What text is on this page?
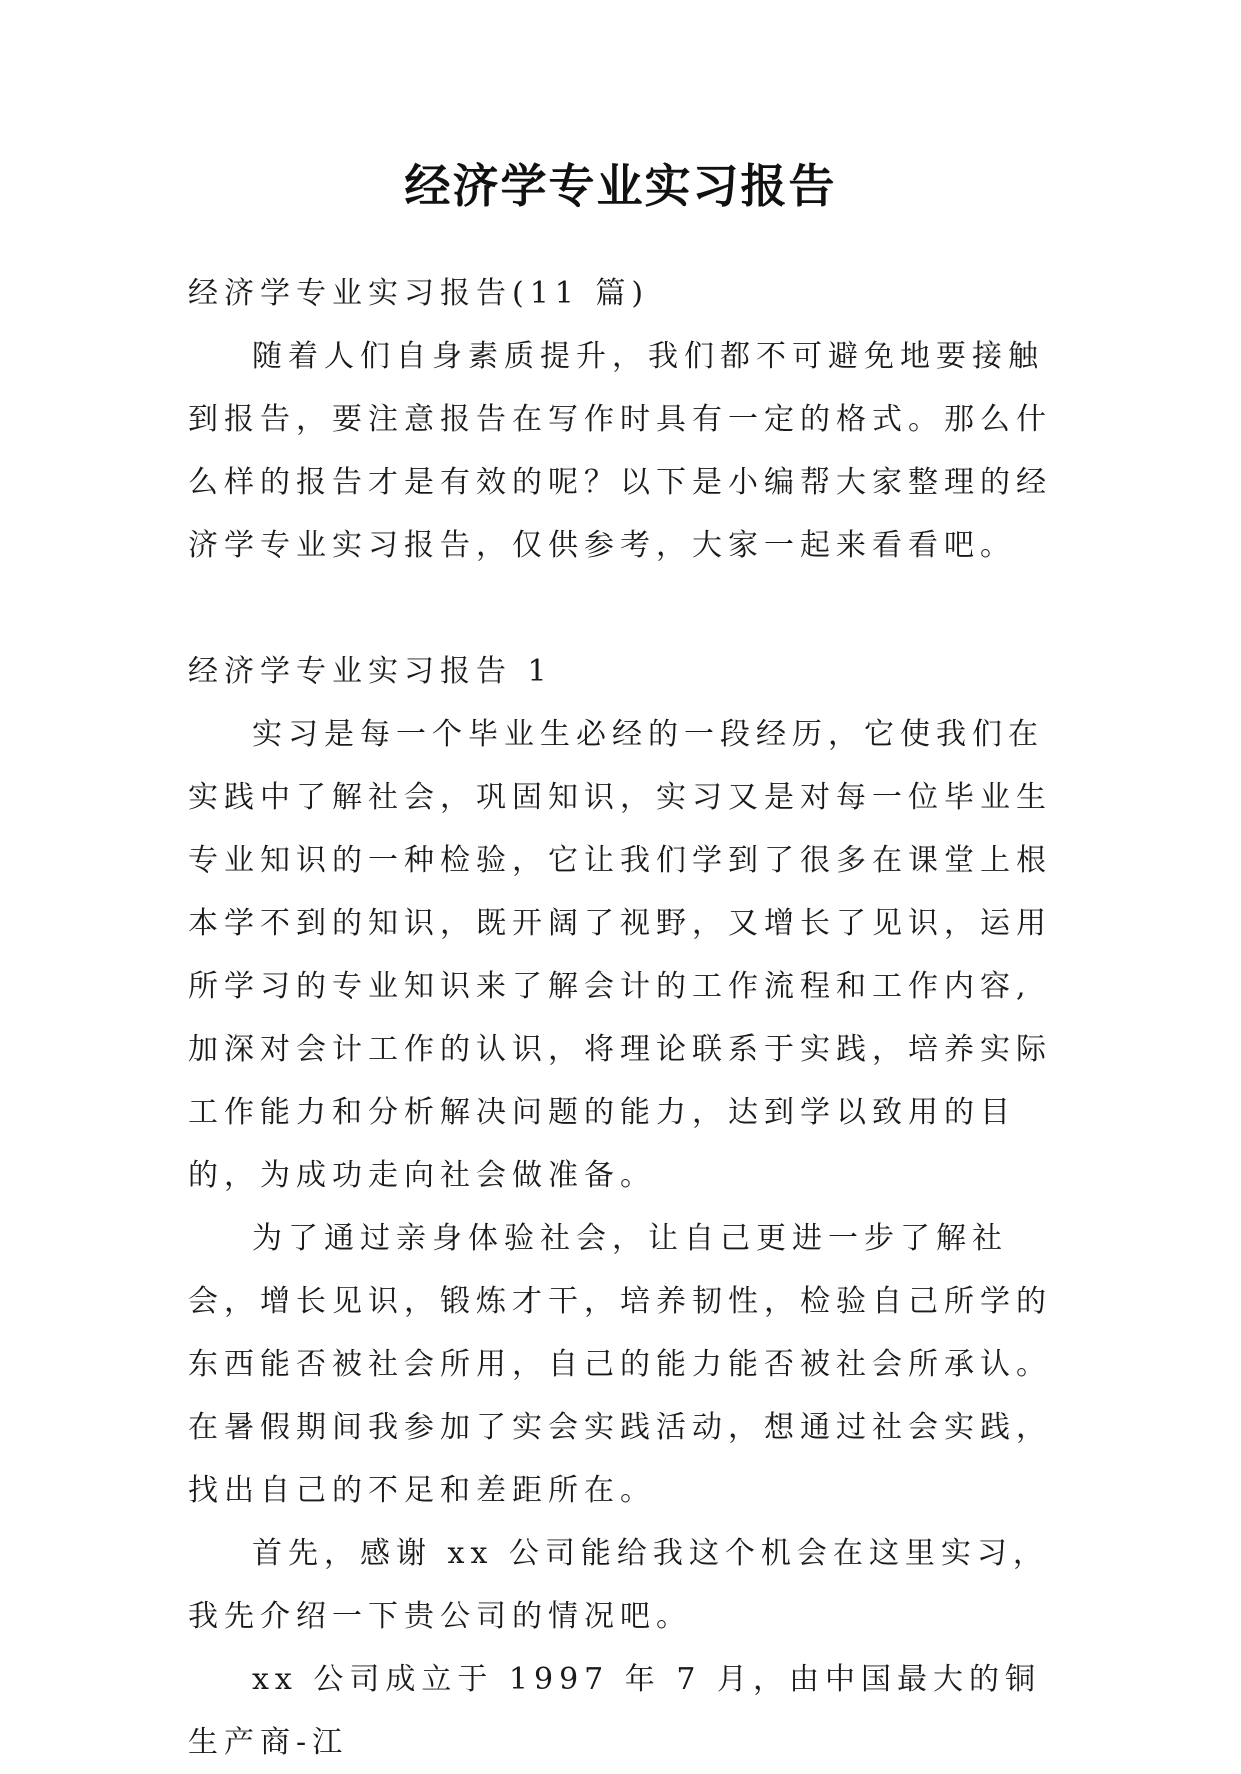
经济学专业实习报告

经济学专业实习报告(11 篇)

随着人们自身素质提升，我们都不可避免地要接触到报告，要注意报告在写作时具有一定的格式。那么什么样的报告才是有效的呢？以下是小编帮大家整理的经济学专业实习报告，仅供参考，大家一起来看看吧。

经济学专业实习报告 1

实习是每一个毕业生必经的一段经历，它使我们在实践中了解社会，巩固知识，实习又是对每一位毕业生专业知识的一种检验，它让我们学到了很多在课堂上根本学不到的知识，既开阔了视野，又增长了见识，运用所学习的专业知识来了解会计的工作流程和工作内容,加深对会计工作的认识，将理论联系于实践，培养实际工作能力和分析解决问题的能力，达到学以致用的目的，为成功走向社会做准备。

为了通过亲身体验社会，让自己更进一步了解社会，增长见识，锻炼才干，培养韧性，检验自己所学的东西能否被社会所用，自己的能力能否被社会所承认。在暑假期间我参加了实会实践活动，想通过社会实践，找出自己的不足和差距所在。

首先，感谢 xx 公司能给我这个机会在这里实习，我先介绍一下贵公司的情况吧。

xx 公司成立于 1997 年 7 月，由中国最大的铜生产商-江
